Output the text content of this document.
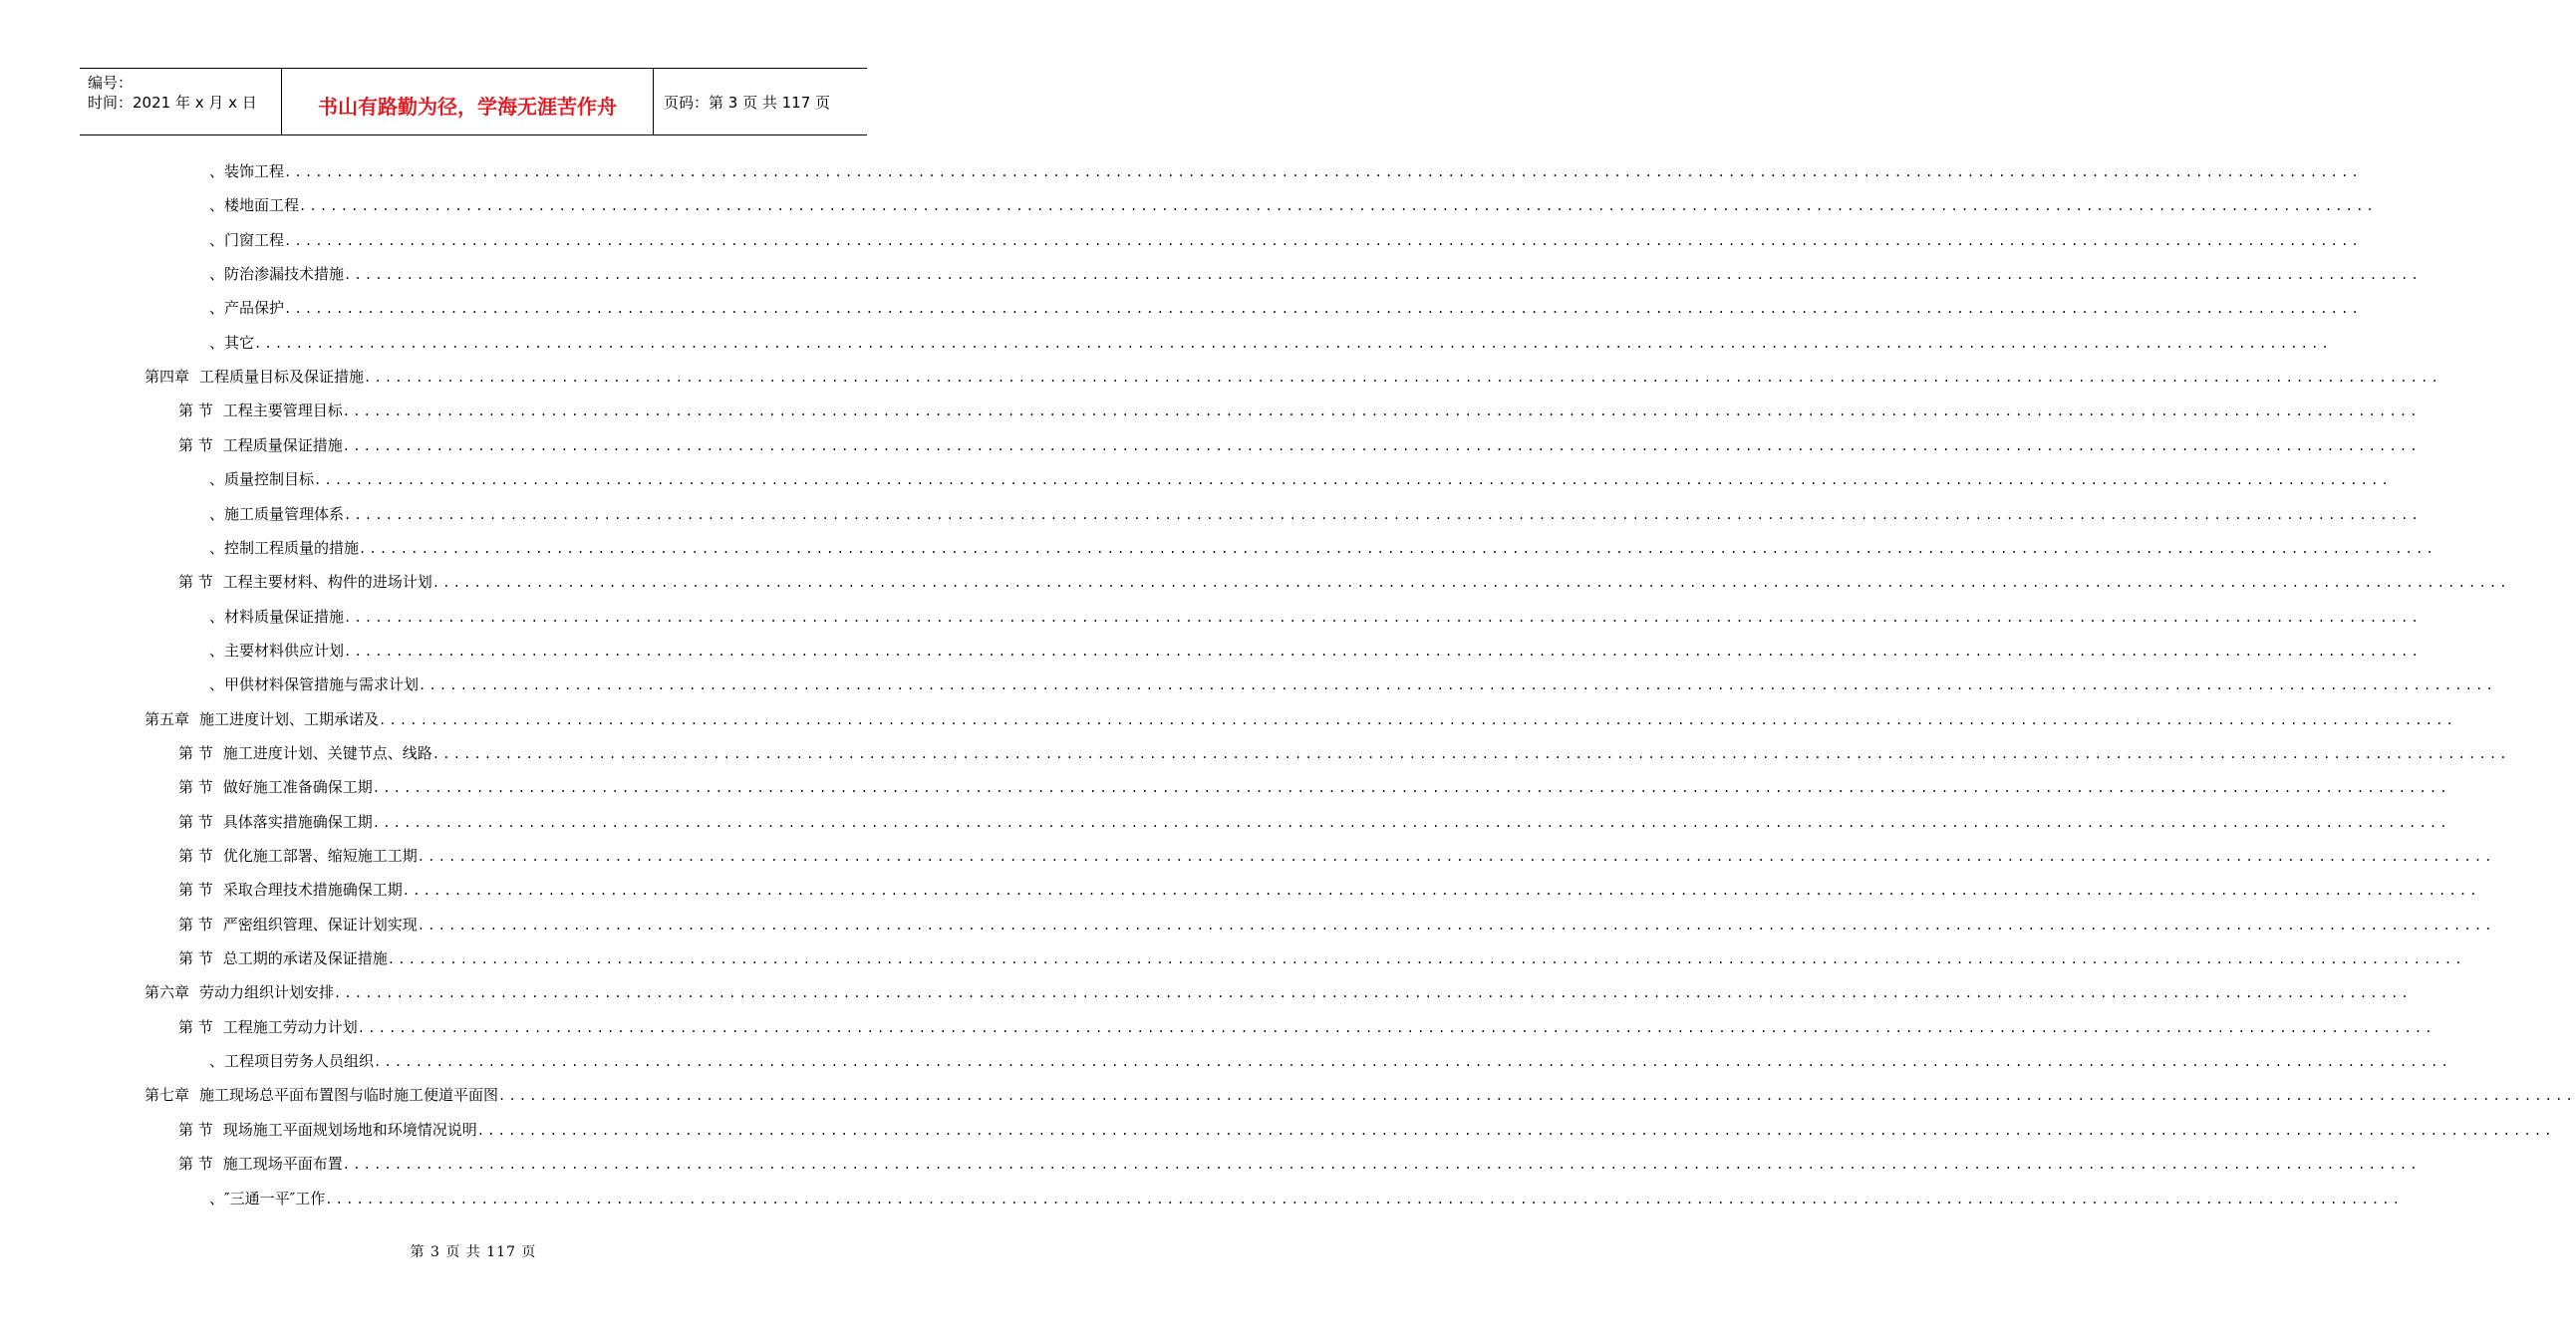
编号：
时间：2021 年 x 月 x 日	书山有路勤为径，学海无涯苦作舟	页码：第 3 页 共 117 页
、 装饰工程 ........................................................................................................................................................................................................
、 楼地面工程 ........................................................................................................................................................................................................
、 门窗工程 ........................................................................................................................................................................................................
、 防治渗漏技术措施 ........................................................................................................................................................................................................
、 产品保护 ........................................................................................................................................................................................................
、 其它 ........................................................................................................................................................................................................
第四章 工程质量目标及保证措施 ........................................................................................................................................................................................................
第 节 工程主要管理目标 ........................................................................................................................................................................................................
第 节 工程质量保证措施 ........................................................................................................................................................................................................
、 质量控制目标 ........................................................................................................................................................................................................
、 施工质量管理体系 ........................................................................................................................................................................................................
、 控制工程质量的措施 ........................................................................................................................................................................................................
第 节 工程主要材料、构件的进场计划 ........................................................................................................................................................................................................
、 材料质量保证措施 ........................................................................................................................................................................................................
、 主要材料供应计划 ........................................................................................................................................................................................................
、 甲供材料保管措施与需求计划 ........................................................................................................................................................................................................
第五章 施工进度计划、工期承诺及 ........................................................................................................................................................................................................
第 节 施工进度计划、关键节点、线路 ........................................................................................................................................................................................................
第 节 做好施工准备确保工期 ........................................................................................................................................................................................................
第 节 具体落实措施确保工期 ........................................................................................................................................................................................................
第 节 优化施工部署、缩短施工工期 ........................................................................................................................................................................................................
第 节 采取合理技术措施确保工期 ........................................................................................................................................................................................................
第 节 严密组织管理、保证计划实现 ........................................................................................................................................................................................................
第 节 总工期的承诺及保证措施 ........................................................................................................................................................................................................
第六章 劳动力组织计划安排 ........................................................................................................................................................................................................
第 节 工程施工劳动力计划 ........................................................................................................................................................................................................
、 工程项目劳务人员组织 ........................................................................................................................................................................................................
第七章 施工现场总平面布置图与临时施工便道平面图 ........................................................................................................................................................................................................
第 节 现场施工平面规划场地和环境情况说明 ........................................................................................................................................................................................................
第 节 施工现场平面布置 ........................................................................................................................................................................................................
、 ″三通一平″工作 ........................................................................................................................................................................................................
第 3 页 共 117 页
